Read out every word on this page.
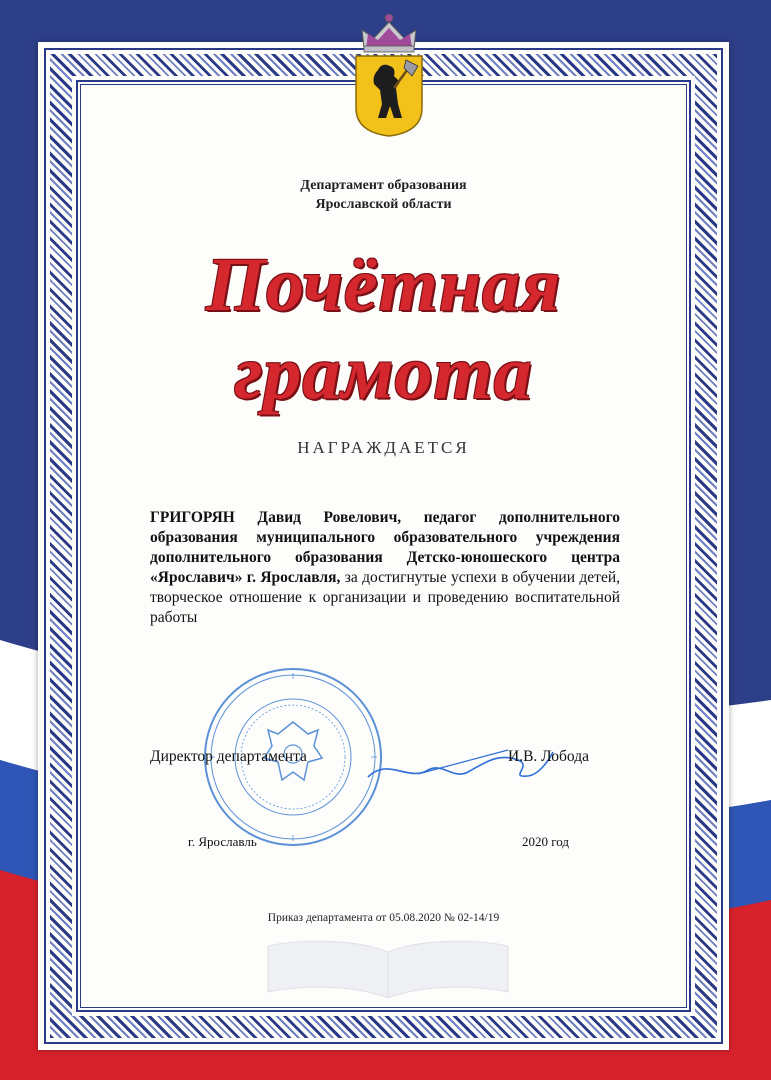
Департамент образования
Ярославской области
Почётная
грамота
НАГРАЖДАЕТСЯ
ГРИГОРЯН Давид Ровелович, педагог дополнительного образования муниципального образовательного учреждения дополнительного образования Детско-юношеского центра «Ярославич» г. Ярославля, за достигнутые успехи в обучении детей, творческое отношение к организации и проведению воспитательной работы
Директор департамента	И.В. Лобода
г. Ярославль	2020 год
Приказ департамента от 05.08.2020 № 02-14/19
